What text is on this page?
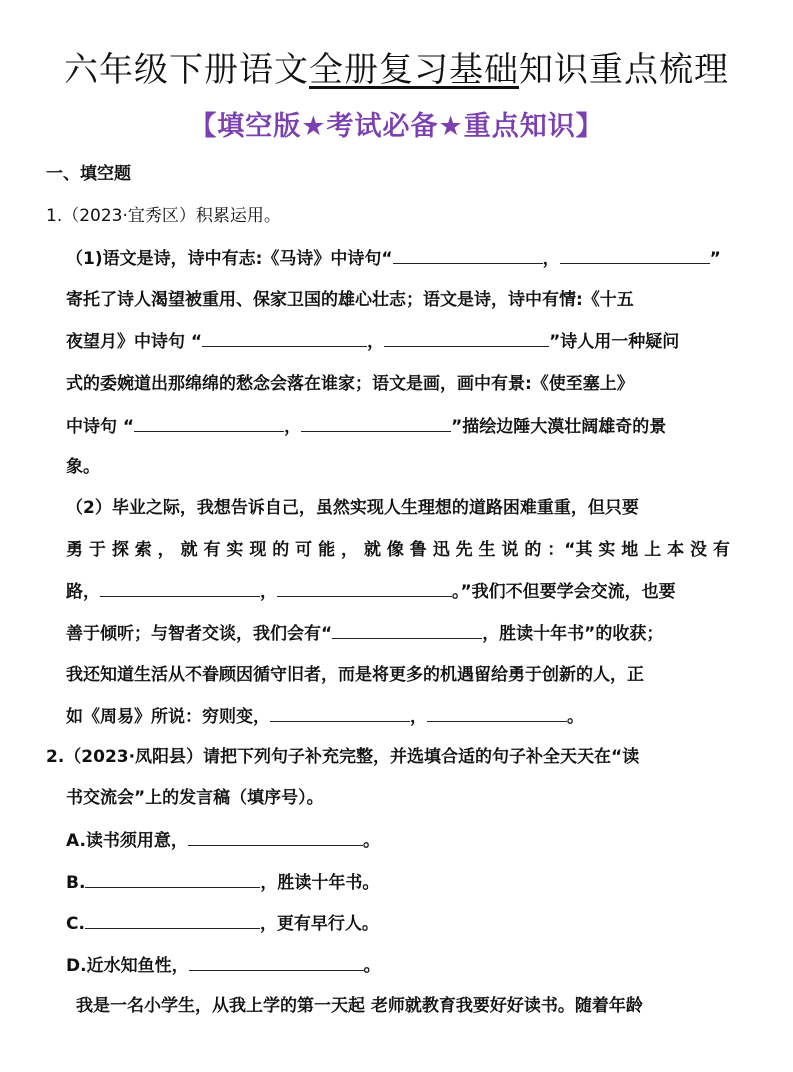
六年级下册语文全册复习基础知识重点梳理
【填空版★考试必备★重点知识】
一、填空题
1.（2023·宜秀区）积累运用。
（1)语文是诗，诗中有志:《马诗》中诗句“	，	”
寄托了诗人渴望被重用、保家卫国的雄心壮志；语文是诗，诗中有情:《十五
夜望月》中诗句 “	，	”诗人用一种疑问
式的委婉道出那绵绵的愁念会落在谁家；语文是画，画中有景:《使至塞上》
中诗句 “	，	”描绘边陲大漠壮阔雄奇的景
象。
（2）毕业之际，我想告诉自己，虽然实现人生理想的道路困难重重，但只要
勇 于 探 索 ， 就 有 实 现 的 可 能 ， 就 像 鲁 迅 先 生 说 的 ：“其 实 地 上 本 没 有
路，	，	。”我们不但要学会交流，也要
善于倾听；与智者交谈，我们会有“	，胜读十年书”的收获；
我还知道生活从不眷顾因循守旧者，而是将更多的机遇留给勇于创新的人，正
如《周易》所说：穷则变，	，	。
2.（2023·凤阳县）请把下列句子补充完整，并选填合适的句子补全天天在“读
书交流会”上的发言稿（填序号）。
A.读书须用意，	。
B.	，胜读十年书。
C.	，更有早行人。
D.近水知鱼性，	。
我是一名小学生，从我上学的第一天起 老师就教育我要好好读书。随着年龄
